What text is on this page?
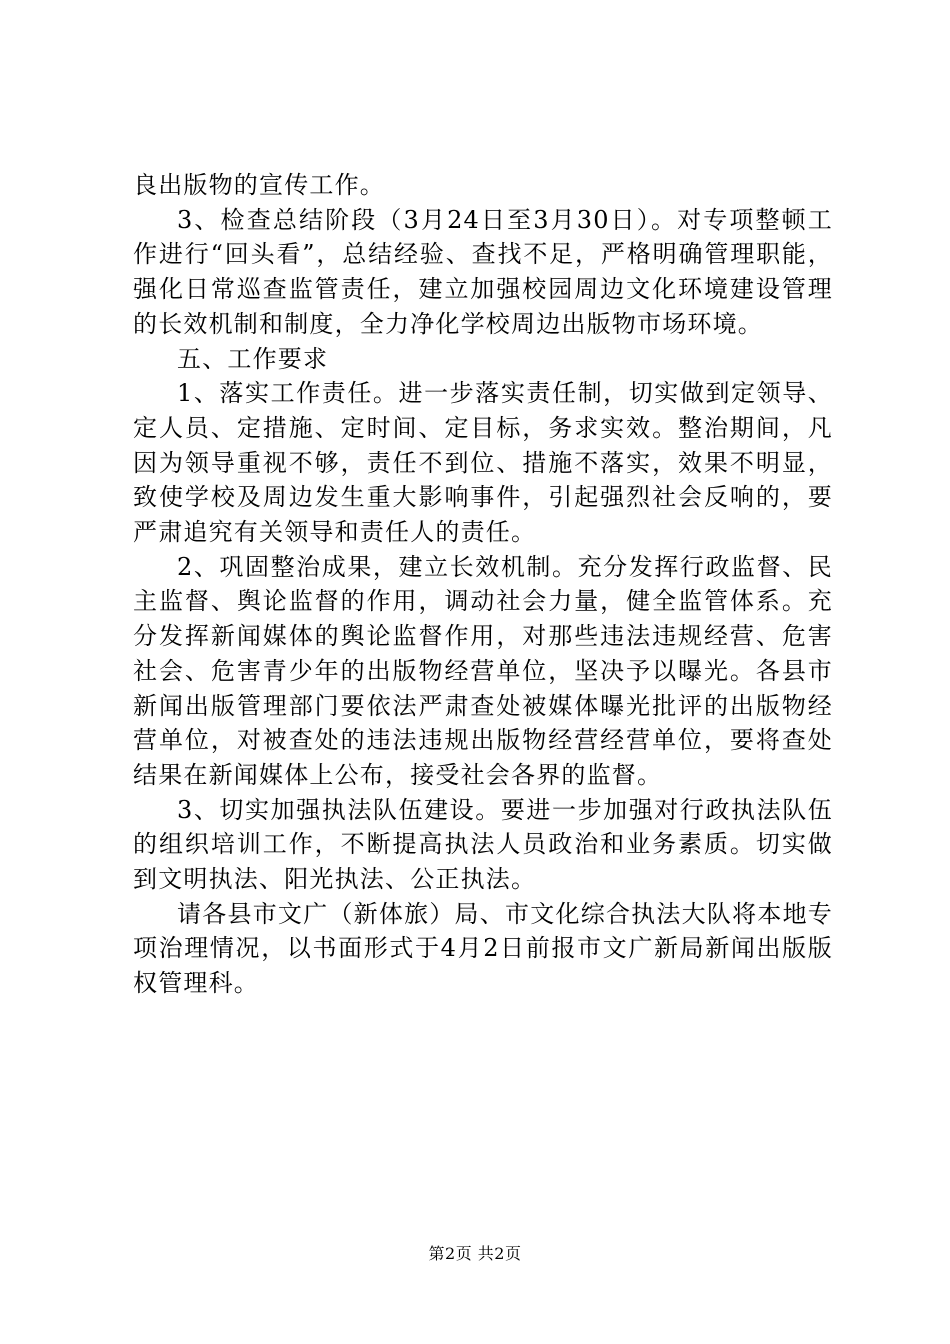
良出版物的宣传工作。

3、检查总结阶段（3月24日至3月30日）。对专项整顿工作进行“回头看”，总结经验、查找不足，严格明确管理职能，强化日常巡查监管责任，建立加强校园周边文化环境建设管理的长效机制和制度，全力净化学校周边出版物市场环境。

五、工作要求

1、落实工作责任。进一步落实责任制，切实做到定领导、定人员、定措施、定时间、定目标，务求实效。整治期间，凡因为领导重视不够，责任不到位、措施不落实，效果不明显，致使学校及周边发生重大影响事件，引起强烈社会反响的，要严肃追究有关领导和责任人的责任。

2、巩固整治成果，建立长效机制。充分发挥行政监督、民主监督、舆论监督的作用，调动社会力量，健全监管体系。充分发挥新闻媒体的舆论监督作用，对那些违法违规经营、危害社会、危害青少年的出版物经营单位，坚决予以曝光。各县市新闻出版管理部门要依法严肃查处被媒体曝光批评的出版物经营单位，对被查处的违法违规出版物经营经营单位，要将查处结果在新闻媒体上公布，接受社会各界的监督。

3、切实加强执法队伍建设。要进一步加强对行政执法队伍的组织培训工作，不断提高执法人员政治和业务素质。切实做到文明执法、阳光执法、公正执法。

请各县市文广（新体旅）局、市文化综合执法大队将本地专项治理情况，以书面形式于4月2日前报市文广新局新闻出版版权管理科。

第2页 共2页
